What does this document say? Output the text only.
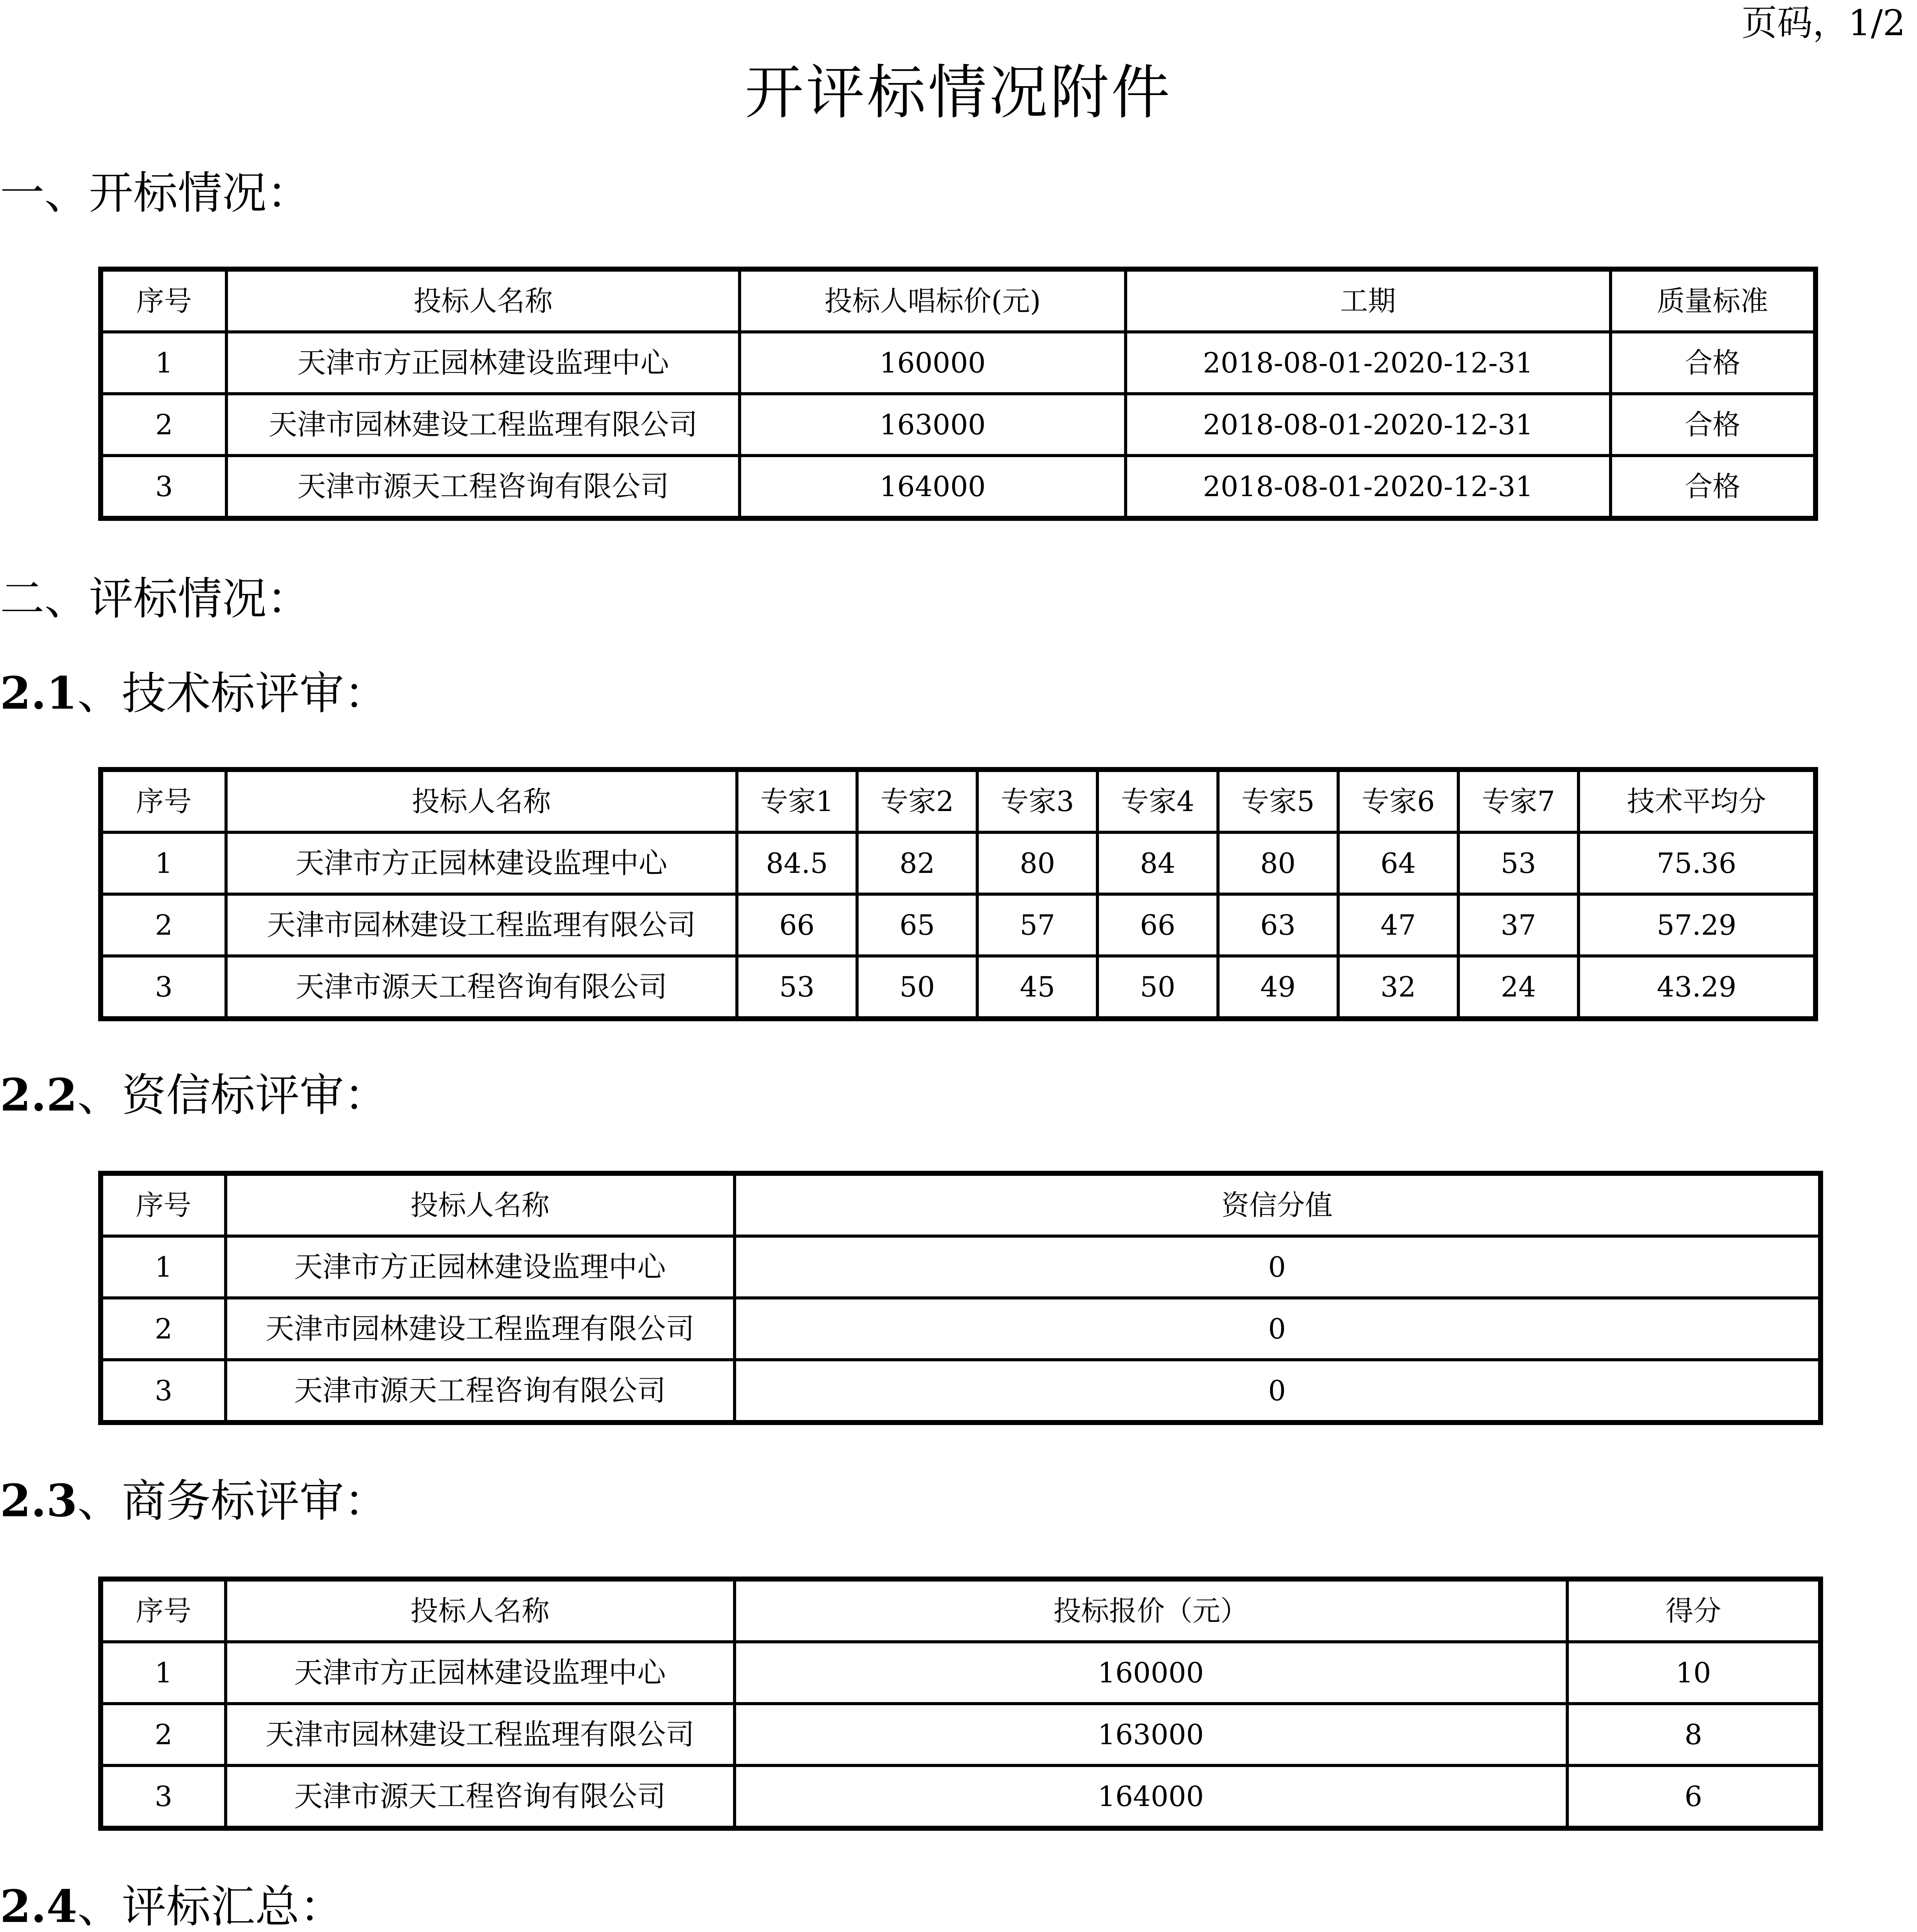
页码，1/2
开评标情况附件
一、开标情况：
序号	投标人名称	投标人唱标价(元)	工期	质量标准
1	天津市方正园林建设监理中心	160000	2018-08-01-2020-12-31	合格
2	天津市园林建设工程监理有限公司	163000	2018-08-01-2020-12-31	合格
3	天津市源天工程咨询有限公司	164000	2018-08-01-2020-12-31	合格
二、评标情况：
2.1、技术标评审：
序号	投标人名称	专家1	专家2	专家3	专家4	专家5	专家6	专家7	技术平均分
1	天津市方正园林建设监理中心	84.5	82	80	84	80	64	53	75.36
2	天津市园林建设工程监理有限公司	66	65	57	66	63	47	37	57.29
3	天津市源天工程咨询有限公司	53	50	45	50	49	32	24	43.29
2.2、资信标评审：
序号	投标人名称	资信分值
1	天津市方正园林建设监理中心	0
2	天津市园林建设工程监理有限公司	0
3	天津市源天工程咨询有限公司	0
2.3、商务标评审：
序号	投标人名称	投标报价（元）	得分
1	天津市方正园林建设监理中心	160000	10
2	天津市园林建设工程监理有限公司	163000	8
3	天津市源天工程咨询有限公司	164000	6
2.4、评标汇总：
